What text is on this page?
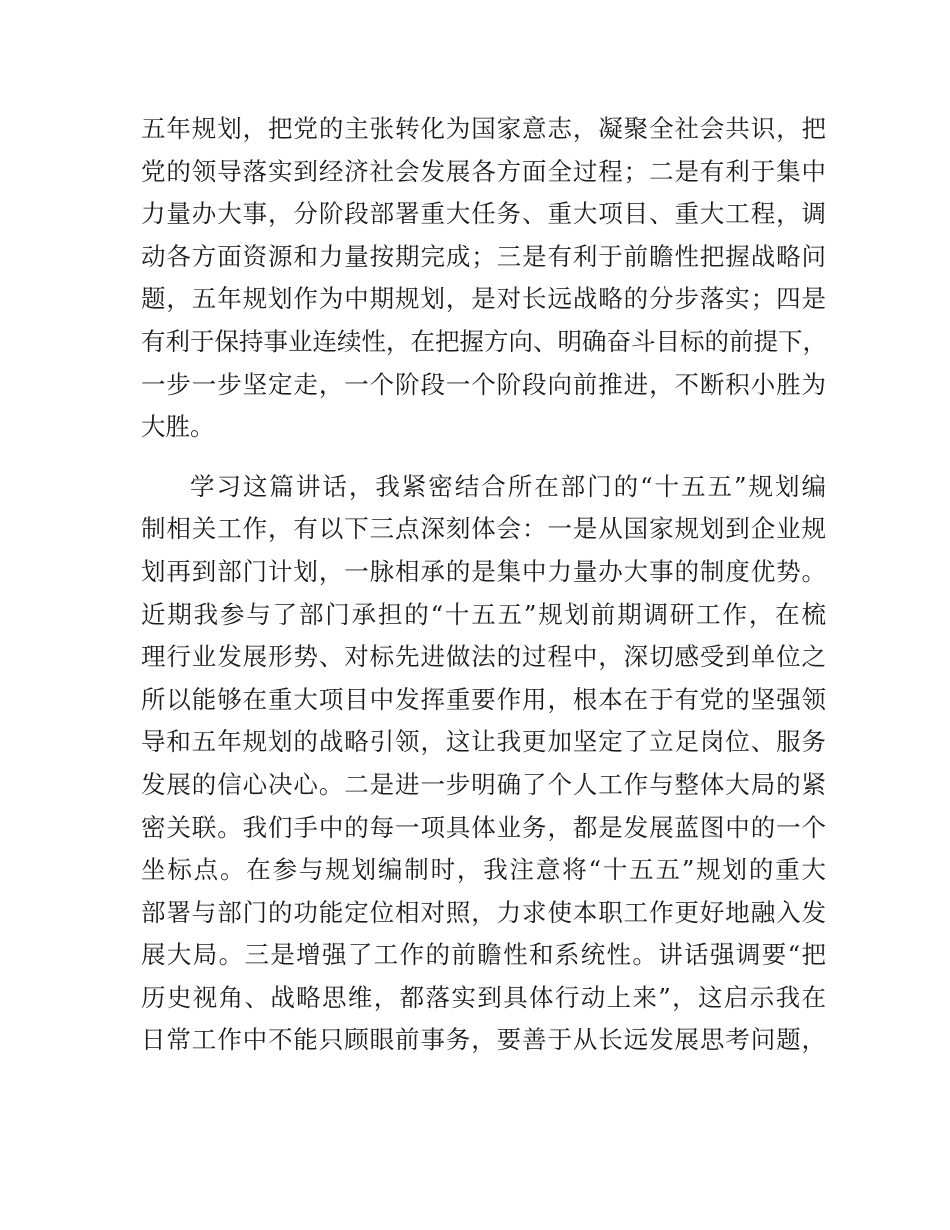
五年规划，把党的主张转化为国家意志，凝聚全社会共识，把
党的领导落实到经济社会发展各方面全过程；二是有利于集中
力量办大事，分阶段部署重大任务、重大项目、重大工程，调
动各方面资源和力量按期完成；三是有利于前瞻性把握战略问
题，五年规划作为中期规划，是对长远战略的分步落实；四是
有利于保持事业连续性，在把握方向、明确奋斗目标的前提下，
一步一步坚定走，一个阶段一个阶段向前推进，不断积小胜为
大胜。
学习这篇讲话，我紧密结合所在部门的“十五五”规划编
制相关工作，有以下三点深刻体会：一是从国家规划到企业规
划再到部门计划，一脉相承的是集中力量办大事的制度优势。
近期我参与了部门承担的“十五五”规划前期调研工作，在梳
理行业发展形势、对标先进做法的过程中，深切感受到单位之
所以能够在重大项目中发挥重要作用，根本在于有党的坚强领
导和五年规划的战略引领，这让我更加坚定了立足岗位、服务
发展的信心决心。二是进一步明确了个人工作与整体大局的紧
密关联。我们手中的每一项具体业务，都是发展蓝图中的一个
坐标点。在参与规划编制时，我注意将“十五五”规划的重大
部署与部门的功能定位相对照，力求使本职工作更好地融入发
展大局。三是增强了工作的前瞻性和系统性。讲话强调要“把
历史视角、战略思维，都落实到具体行动上来”，这启示我在
日常工作中不能只顾眼前事务，要善于从长远发展思考问题，
